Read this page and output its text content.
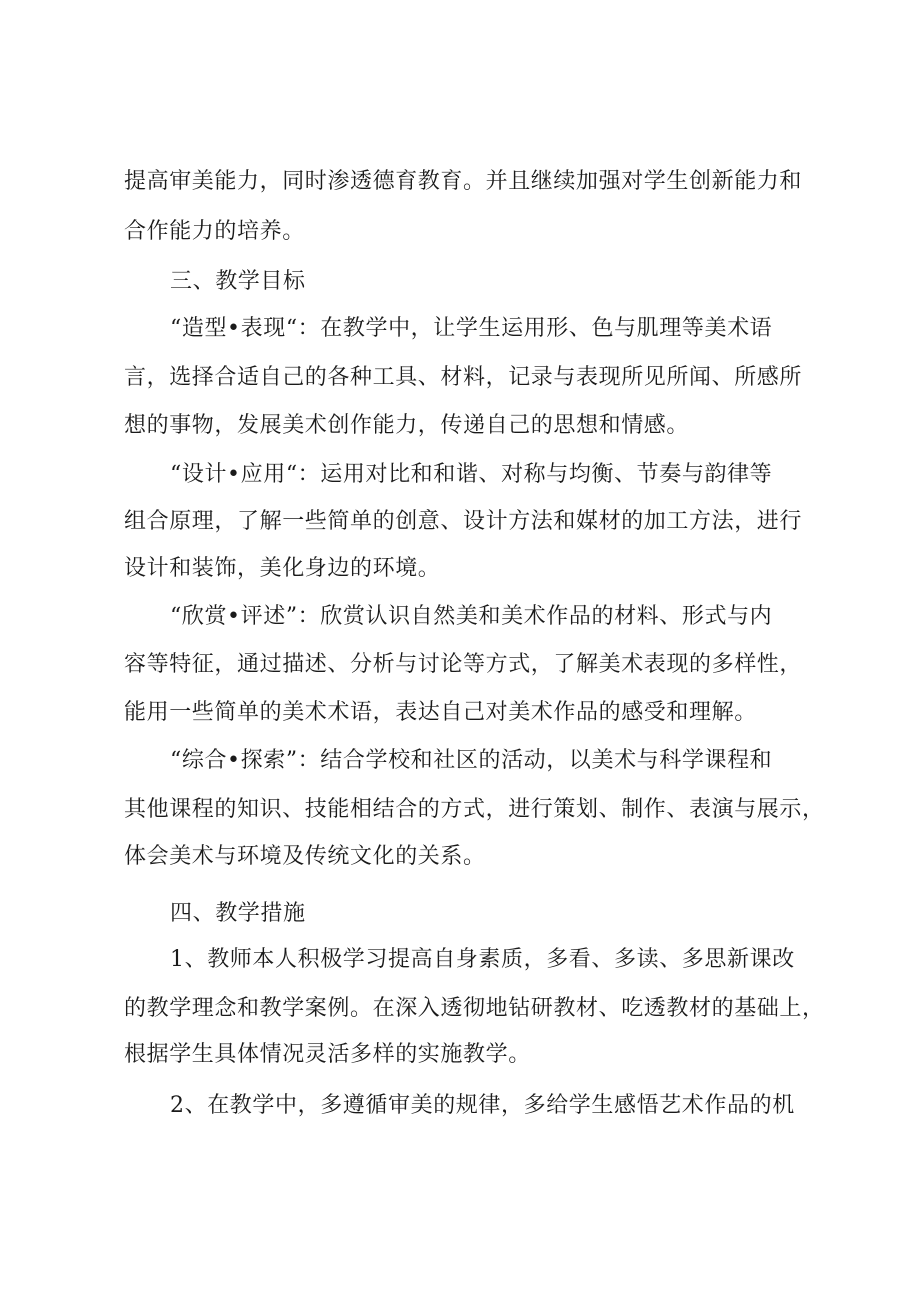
提高审美能力，同时渗透德育教育。并且继续加强对学生创新能力和
合作能力的培养。
三、教学目标
“造型•表现“：在教学中，让学生运用形、色与肌理等美术语
言，选择合适自己的各种工具、材料，记录与表现所见所闻、所感所
想的事物，发展美术创作能力，传递自己的思想和情感。
“设计•应用“：运用对比和和谐、对称与均衡、节奏与韵律等
组合原理，了解一些简单的创意、设计方法和媒材的加工方法，进行
设计和装饰，美化身边的环境。
“欣赏•评述”：欣赏认识自然美和美术作品的材料、形式与内
容等特征，通过描述、分析与讨论等方式，了解美术表现的多样性，
能用一些简单的美术术语，表达自己对美术作品的感受和理解。
“综合•探索”：结合学校和社区的活动，以美术与科学课程和
其他课程的知识、技能相结合的方式，进行策划、制作、表演与展示，
体会美术与环境及传统文化的关系。
四、教学措施
1、教师本人积极学习提高自身素质，多看、多读、多思新课改
的教学理念和教学案例。在深入透彻地钻研教材、吃透教材的基础上，
根据学生具体情况灵活多样的实施教学。
2、在教学中，多遵循审美的规律，多给学生感悟艺术作品的机
